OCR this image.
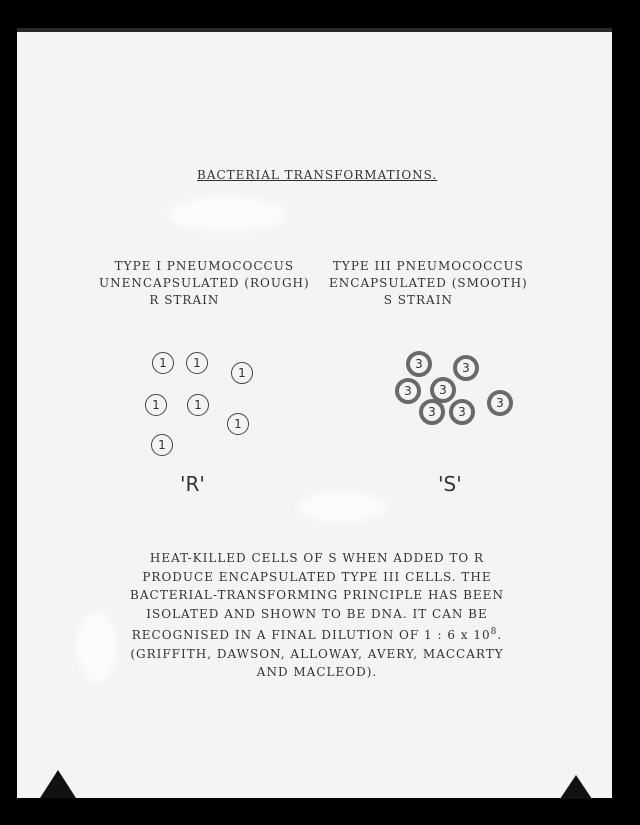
BACTERIAL TRANSFORMATIONS.
TYPE I PNEUMOCOCCUS
UNENCAPSULATED (ROUGH)
R STRAIN
TYPE III PNEUMOCOCCUS
ENCAPSULATED (SMOOTH)
S STRAIN
1	1
1
1	1
1
1
3	3
3	3
3	3
3
'R'	'S'
HEAT-KILLED CELLS OF S WHEN ADDED TO R
PRODUCE ENCAPSULATED TYPE III CELLS. THE
BACTERIAL-TRANSFORMING PRINCIPLE HAS BEEN
ISOLATED AND SHOWN TO BE DNA. IT CAN BE
RECOGNISED IN A FINAL DILUTION OF 1 : 6 x $10^8$.
(GRIFFITH, DAWSON, ALLOWAY, AVERY, MACCARTY
AND MACLEOD).
